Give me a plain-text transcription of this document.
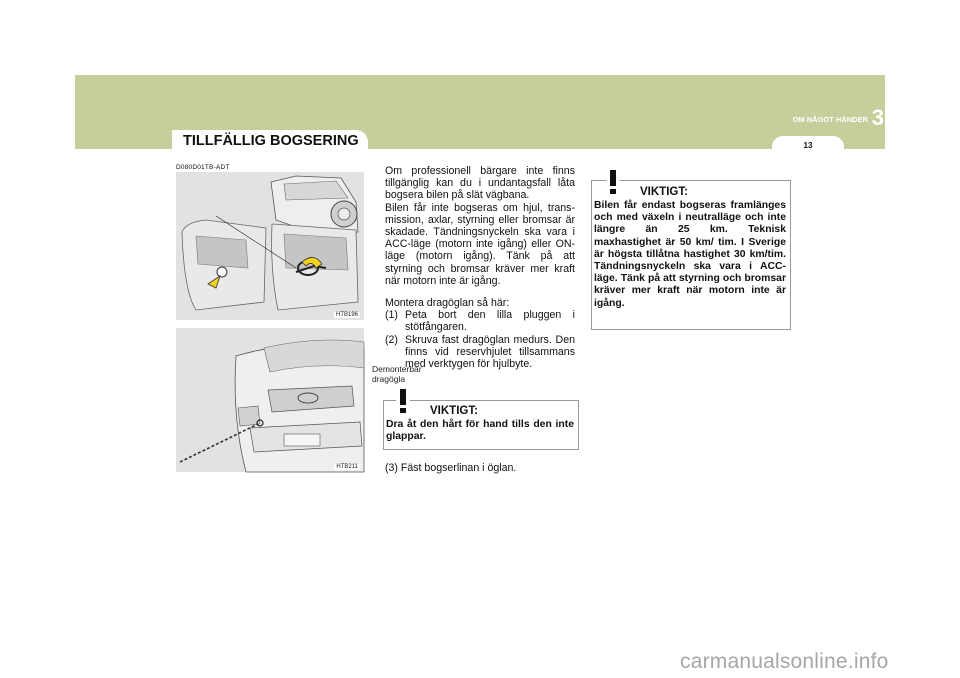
OM NÅGOT HÄNDER 3
13
TILLFÄLLIG BOGSERING
D080D01TB-ADT
Demonterbar
dragögla
HTB196
HTB211

Om professionell bärgare inte finns tillgänglig kan du i undantagsfall låta bogsera bilen på slät vägbana.

Bilen får inte bogseras om hjul, trans-mission, axlar, styrning eller bromsar är skadade. Tändningsnyckeln ska vara i ACC-läge (motorn inte igång) eller ON-läge (motorn igång). Tänk på att styrning och bromsar kräver mer kraft när motorn inte är igång.

Montera dragöglan så här:

(1) Peta bort den lilla pluggen i stötfångaren.
(2) Skruva fast dragöglan medurs. Den finns vid reservhjulet tillsammans med verktygen för hjulbyte.
VIKTIGT:
Dra åt den hårt för hand tills den inte glappar.
(3) Fäst bogserlinan i öglan.
VIKTIGT:
Bilen får endast bogseras framlänges och med växeln i neutralläge och inte längre än 25 km. Teknisk maxhastighet är 50 km/ tim. I Sverige är högsta tillåtna hastighet 30 km/tim. Tändningsnyckeln ska vara i ACC-läge. Tänk på att styrning och bromsar kräver mer kraft när motorn inte är igång.
carmanualsonline.info
